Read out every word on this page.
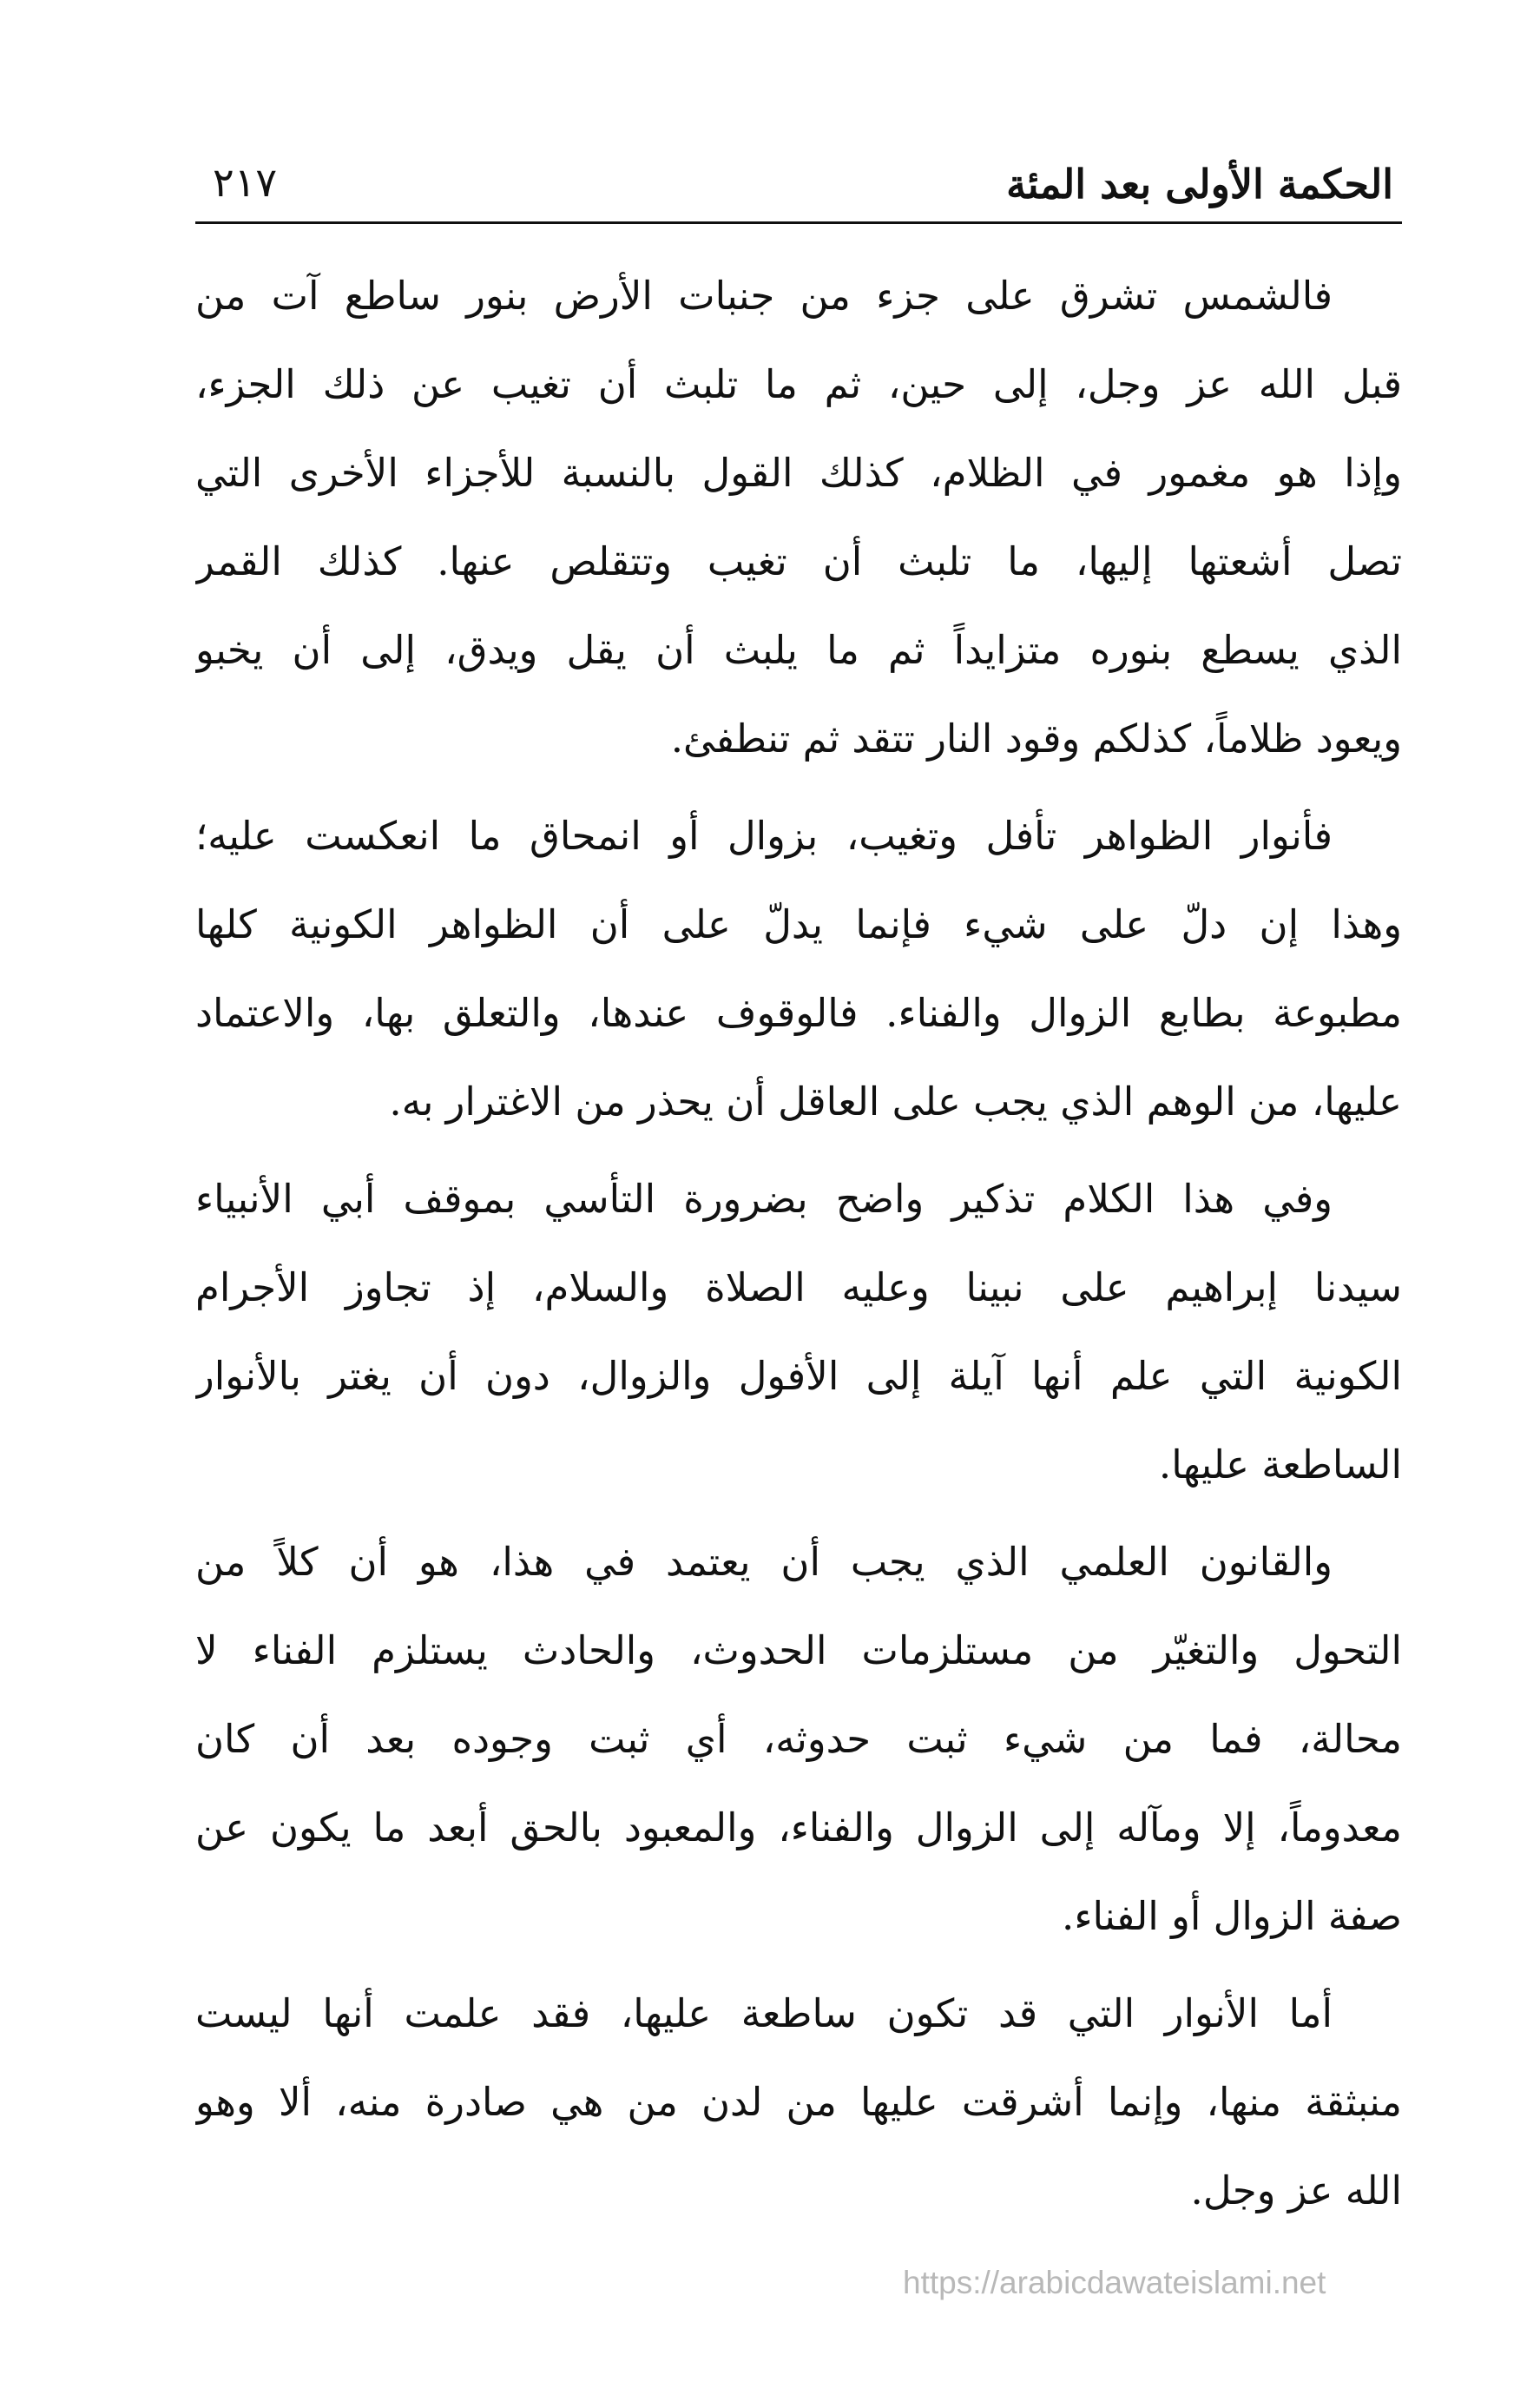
الحكمة الأولى بعد المئة
٢١٧
فالشمس تشرق على جزء من جنبات الأرض بنور ساطع آت من
قبل الله عز وجل، إلى حين، ثم ما تلبث أن تغيب عن ذلك الجزء،
وإذا هو مغمور في الظلام، كذلك القول بالنسبة للأجزاء الأخرى التي
تصل أشعتها إليها، ما تلبث أن تغيب وتتقلص عنها. كذلك القمر
الذي يسطع بنوره متزايداً ثم ما يلبث أن يقل ويدق، إلى أن يخبو
ويعود ظلاماً، كذلكم وقود النار تتقد ثم تنطفئ.
فأنوار الظواهر تأفل وتغيب، بزوال أو انمحاق ما انعكست عليه؛
وهذا إن دلّ على شيء فإنما يدلّ على أن الظواهر الكونية كلها
مطبوعة بطابع الزوال والفناء. فالوقوف عندها، والتعلق بها، والاعتماد
عليها، من الوهم الذي يجب على العاقل أن يحذر من الاغترار به.
وفي هذا الكلام تذكير واضح بضرورة التأسي بموقف أبي الأنبياء
سيدنا إبراهيم على نبينا وعليه الصلاة والسلام، إذ تجاوز الأجرام
الكونية التي علم أنها آيلة إلى الأفول والزوال، دون أن يغتر بالأنوار
الساطعة عليها.
والقانون العلمي الذي يجب أن يعتمد في هذا، هو أن كلاً من
التحول والتغيّر من مستلزمات الحدوث، والحادث يستلزم الفناء لا
محالة، فما من شيء ثبت حدوثه، أي ثبت وجوده بعد أن كان
معدوماً، إلا ومآله إلى الزوال والفناء، والمعبود بالحق أبعد ما يكون عن
صفة الزوال أو الفناء.
أما الأنوار التي قد تكون ساطعة عليها، فقد علمت أنها ليست
منبثقة منها، وإنما أشرقت عليها من لدن من هي صادرة منه، ألا وهو
الله عز وجل.
https://arabicdawateislami.net
